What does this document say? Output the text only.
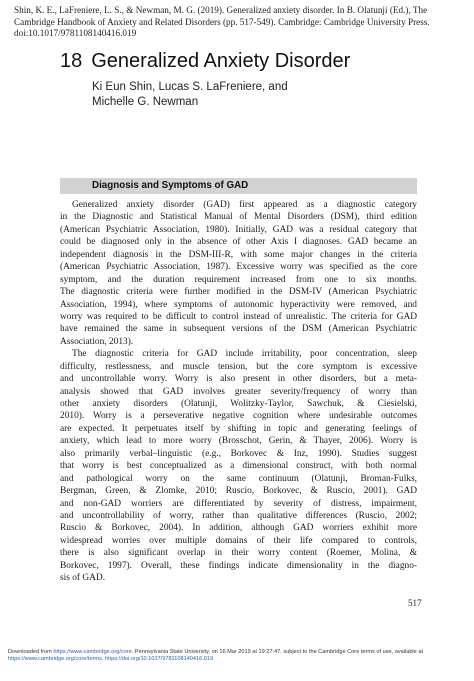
Shin, K. E., LaFreniere, L. S., & Newman, M. G. (2019). Generalized anxiety disorder. In B. Olatunji (Ed.), The
Cambridge Handbook of Anxiety and Related Disorders (pp. 517-549). Cambridge: Cambridge University Press.
doi:10.1017/9781108140416.019
18 Generalized Anxiety Disorder
Ki Eun Shin, Lucas S. LaFreniere, and
Michelle G. Newman
Diagnosis and Symptoms of GAD
Generalized anxiety disorder (GAD) first appeared as a diagnostic category
in the Diagnostic and Statistical Manual of Mental Disorders (DSM), third edition
(American Psychiatric Association, 1980). Initially, GAD was a residual category that
could be diagnosed only in the absence of other Axis I diagnoses. GAD became an
independent diagnosis in the DSM-III-R, with some major changes in the criteria
(American Psychiatric Association, 1987). Excessive worry was specified as the core
symptom, and the duration requirement increased from one to six months.
The diagnostic criteria were further modified in the DSM-IV (American Psychiatric
Association, 1994), where symptoms of autonomic hyperactivity were removed, and
worry was required to be difficult to control instead of unrealistic. The criteria for GAD
have remained the same in subsequent versions of the DSM (American Psychiatric
Association, 2013).
The diagnostic criteria for GAD include irritability, poor concentration, sleep
difficulty, restlessness, and muscle tension, but the core symptom is excessive
and uncontrollable worry. Worry is also present in other disorders, but a meta-
analysis showed that GAD involves greater severity/frequency of worry than
other anxiety disorders (Olatunji, Wolitzky-Taylor, Sawchuk, & Ciesielski,
2010). Worry is a perseverative negative cognition where undesirable outcomes
are expected. It perpetuates itself by shifting in topic and generating feelings of
anxiety, which lead to more worry (Brosschot, Gerin, & Thayer, 2006). Worry is
also primarily verbal–linguistic (e.g., Borkovec & Inz, 1990). Studies suggest
that worry is best conceptualized as a dimensional construct, with both normal
and pathological worry on the same continuum (Olatunji, Broman-Fulks,
Bergman, Green, & Zlomke, 2010; Ruscio, Borkovec, & Ruscio, 2001). GAD
and non-GAD worriers are differentiated by severity of distress, impairment,
and uncontrollability of worry, rather than qualitative differences (Ruscio, 2002;
Ruscio & Borkovec, 2004). In addition, although GAD worriers exhibit more
widespread worries over multiple domains of their life compared to controls,
there is also significant overlap in their worry content (Roemer, Molina, &
Borkovec, 1997). Overall, these findings indicate dimensionality in the diagno-
sis of GAD.
517
Downloaded from https://www.cambridge.org/core. Pennsylvania State University, on 16 Mar 2019 at 19:27:47, subject to the Cambridge Core terms of use, available at
https://www.cambridge.org/core/terms. https://doi.org/10.1017/9781108140416.019
